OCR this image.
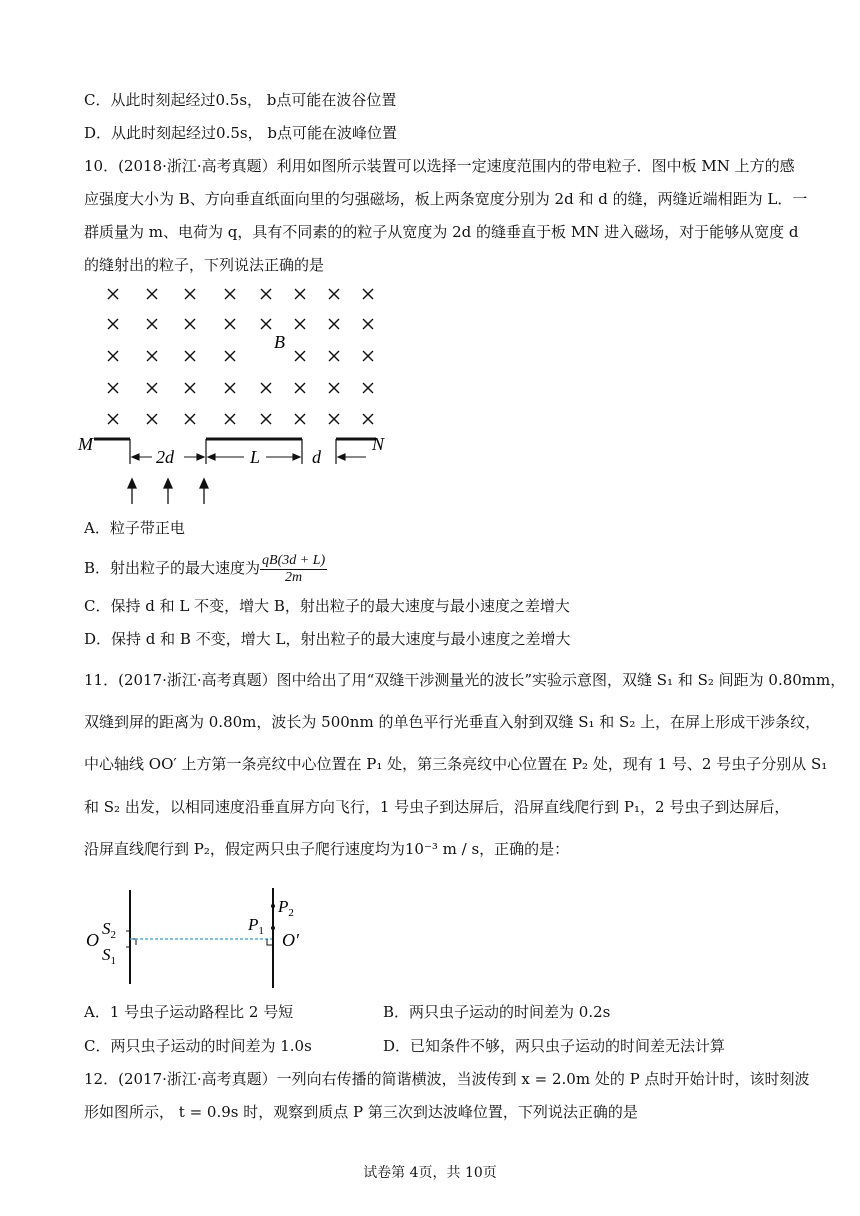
C．从此时刻起经过0.5s， b点可能在波谷位置
D．从此时刻起经过0.5s， b点可能在波峰位置
10．(2018·浙江·高考真题）利用如图所示装置可以选择一定速度范围内的带电粒子．图中板 MN 上方的感
应强度大小为 B、方向垂直纸面向里的匀强磁场，板上两条宽度分别为 2d 和 d 的缝，两缝近端相距为 L．一
群质量为 m、电荷为 q，具有不同素的的粒子从宽度为 2d 的缝垂直于板 MN 进入磁场，对于能够从宽度 d
的缝射出的粒子，下列说法正确的是
B
M	N
2d	L	d
A．粒子带正电
B．射出粒子的最大速度为 $\frac{qB(3d + L)}{2m}$
C．保持 d 和 L 不变，增大 B，射出粒子的最大速度与最小速度之差增大
D．保持 d 和 B 不变，增大 L，射出粒子的最大速度与最小速度之差增大
11．(2017·浙江·高考真题）图中给出了用“双缝干涉测量光的波长”实验示意图，双缝 S₁ 和 S₂ 间距为 0.80mm，
双缝到屏的距离为 0.80m，波长为 500nm 的单色平行光垂直入射到双缝 S₁ 和 S₂ 上，在屏上形成干涉条纹，
中心轴线 OO′ 上方第一条亮纹中心位置在 P₁ 处，第三条亮纹中心位置在 P₂ 处，现有 1 号、2 号虫子分别从 S₁
和 S₂ 出发，以相同速度沿垂直屏方向飞行，1 号虫子到达屏后，沿屏直线爬行到 P₁，2 号虫子到达屏后，
沿屏直线爬行到 P₂，假定两只虫子爬行速度均为10⁻³ m / s，正确的是：
O
$S_2$
$S_1$
$P_2$
$P_1$ O′
A．1 号虫子运动路程比 2 号短	B．两只虫子运动的时间差为 0.2s
C．两只虫子运动的时间差为 1.0s	D．已知条件不够，两只虫子运动的时间差无法计算
12．(2017·浙江·高考真题）一列向右传播的简谐横波，当波传到 x = 2.0m 处的 P 点时开始计时，该时刻波
形如图所示， t = 0.9s 时，观察到质点 P 第三次到达波峰位置，下列说法正确的是
试卷第 4页，共 10页
